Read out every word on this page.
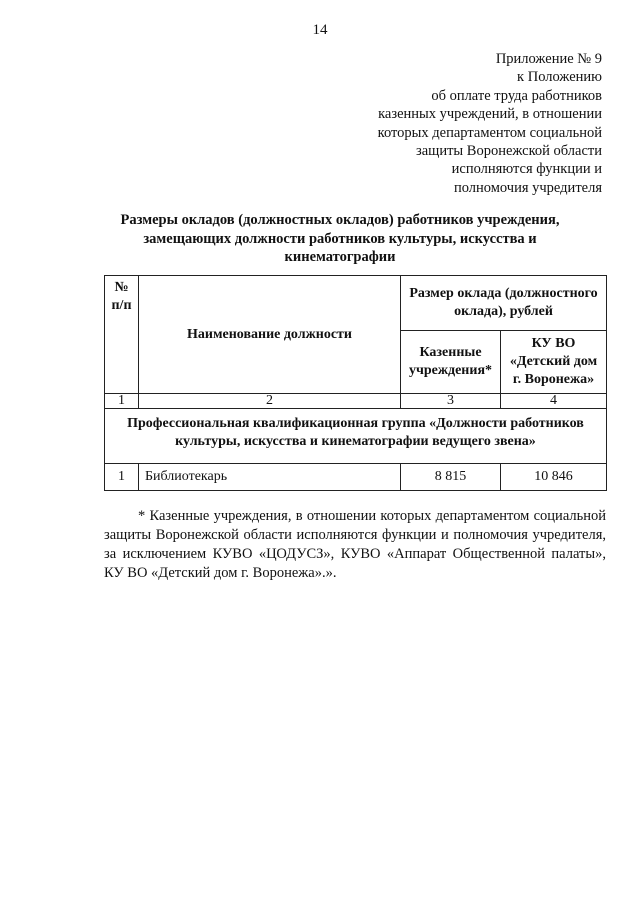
14
Приложение № 9
к Положению
об оплате труда работников
казенных учреждений, в отношении
которых департаментом социальной
защиты Воронежской области
исполняются функции и
полномочия учредителя
Размеры окладов (должностных окладов) работников учреждения,
замещающих должности работников культуры, искусства и
кинематографии
№ п/п	Наименование должности	Размер оклада (должностного оклада), рублей	
		Казенные учреждения*	КУ ВО «Детский дом г. Воронежа»
1	2	3	4
Профессиональная квалификационная группа «Должности работников культуры, искусства и кинематографии ведущего звена»			
1	Библиотекарь	8 815	10 846
* Казенные учреждения, в отношении которых департаментом социальной защиты Воронежской области исполняются функции и полномочия учредителя, за исключением КУВО «ЦОДУСЗ», КУВО «Аппарат Общественной палаты», КУ ВО «Детский дом г. Воронежа».».
